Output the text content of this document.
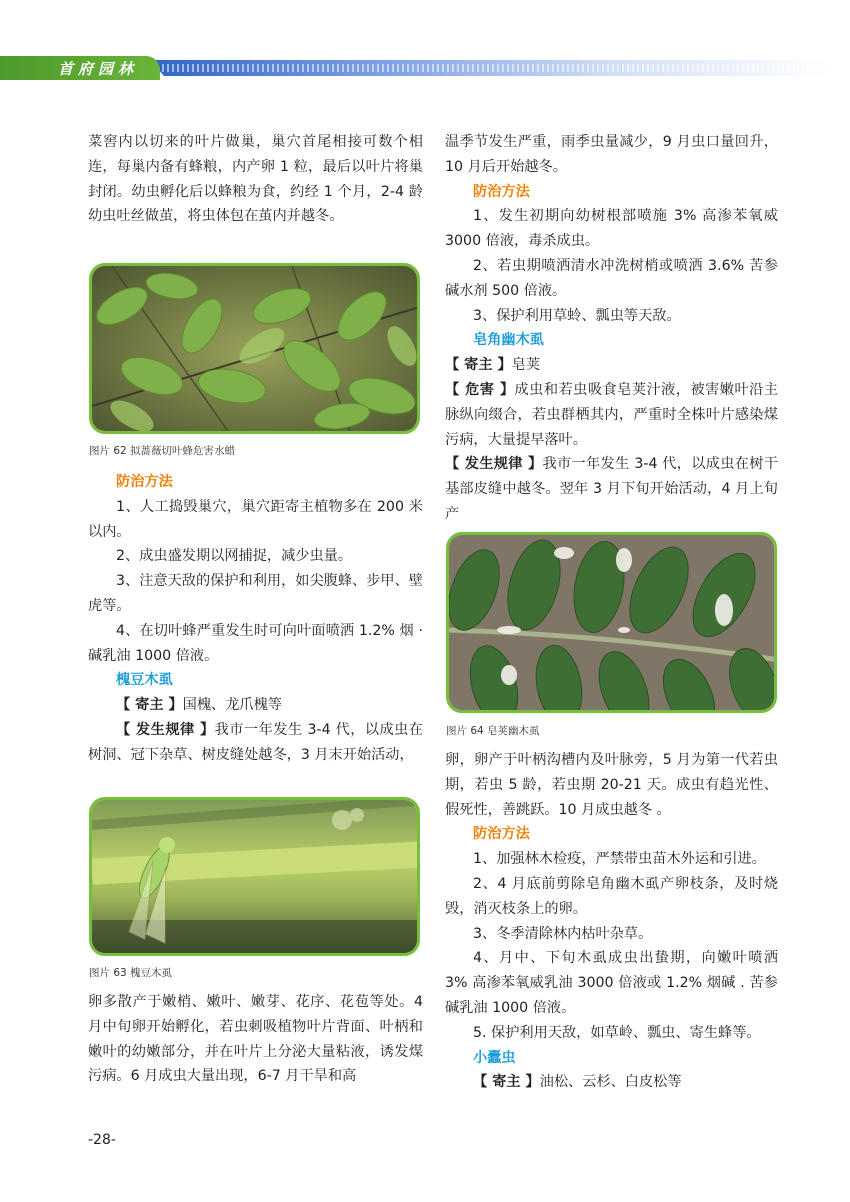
首府园林

菜窖内以切来的叶片做巢，巢穴首尾相接可数个相连，每巢内备有蜂粮，内产卵 1 粒，最后以叶片将巢封闭。幼虫孵化后以蜂粮为食，约经 1 个月，2-4 龄幼虫吐丝做茧，将虫体包在茧内并越冬。

图片 62 拟蔷薇切叶蜂危害水蜡

防治方法

1、人工捣毁巢穴，巢穴距寄主植物多在 200 米以内。

2、成虫盛发期以网捕捉，减少虫量。

3、注意天敌的保护和利用，如尖腹蜂、步甲、壁虎等。

4、在切叶蜂严重发生时可向叶面喷洒 1.2% 烟 · 碱乳油 1000 倍液。

槐豆木虱

【 寄主 】国槐、龙爪槐等

【 发生规律 】我市一年发生 3-4 代，以成虫在树洞、冠下杂草、树皮缝处越冬，3 月末开始活动，

图片 63 槐豆木虱

卵多散产于嫩梢、嫩叶、嫩芽、花序、花苞等处。4 月中旬卵开始孵化，若虫刺吸植物叶片背面、叶柄和嫩叶的幼嫩部分，并在叶片上分泌大量粘液，诱发煤污病。6 月成虫大量出现，6-7 月干旱和高

温季节发生严重，雨季虫量减少，9 月虫口量回升，10 月后开始越冬。

防治方法

1、发生初期向幼树根部喷施 3% 高渗苯氧威 3000 倍液，毒杀成虫。

2、若虫期喷洒清水冲洗树梢或喷洒 3.6% 苦参碱水剂 500 倍液。

3、保护利用草蛉、瓢虫等天敌。

皂角幽木虱

【 寄主 】皂荚

【 危害 】成虫和若虫吸食皂荚汁液，被害嫩叶沿主脉纵向缀合，若虫群栖其内，严重时全株叶片感染煤污病，大量提早落叶。

【 发生规律 】我市一年发生 3-4 代，以成虫在树干基部皮缝中越冬。翌年 3 月下旬开始活动，4 月上旬产

图片 64 皂荚幽木虱

卵，卵产于叶柄沟槽内及叶脉旁，5 月为第一代若虫期，若虫 5 龄，若虫期 20-21 天。成虫有趋光性、假死性，善跳跃。10 月成虫越冬 。

防治方法

1、加强林木检疫，严禁带虫苗木外运和引进。

2、4 月底前剪除皂角幽木虱产卵枝条，及时烧毁，消灭枝条上的卵。

3、冬季清除林内枯叶杂草。

4、月中、下旬木虱成虫出蛰期，向嫩叶喷洒 3% 高渗苯氧威乳油 3000 倍液或 1.2% 烟碱 . 苦参碱乳油 1000 倍液。

5. 保护利用天敌，如草岭、瓢虫、寄生蜂等。

小蠹虫

【 寄主 】油松、云杉、白皮松等

-28-
